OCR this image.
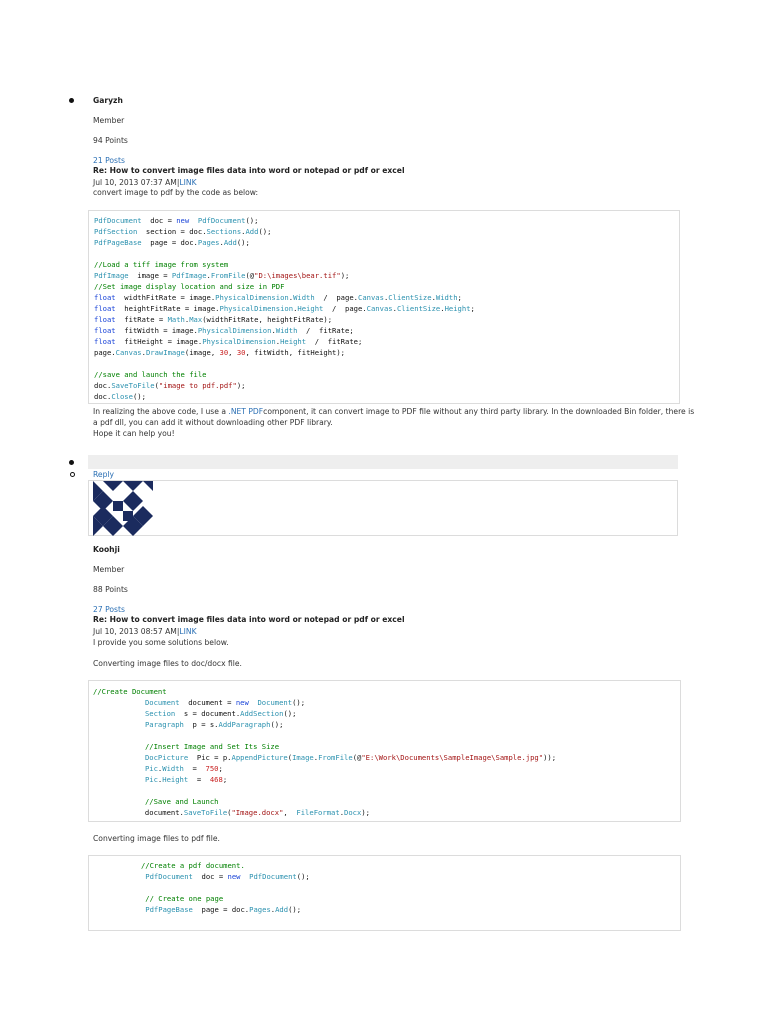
Garyzh
Member
94 Points
21 Posts
Re: How to convert image files data into word or notepad or pdf or excel
Jul 10, 2013 07:37 AM|LINK
convert image to pdf by the code as below:
PdfDocument  doc = new PdfDocument();
PdfSection  section = doc.Sections.Add();
PdfPageBase  page = doc.Pages.Add();
//Load a tiff image from system
PdfImage  image = PdfImage.FromFile(@"D:\images\bear.tif");
//Set image display location and size in PDF
float  widthFitRate = image.PhysicalDimension.Width  /  page.Canvas.ClientSize.Width;
float  heightFitRate = image.PhysicalDimension.Height  /  page.Canvas.ClientSize.Height;
float  fitRate = Math.Max(widthFitRate, heightFitRate);
float  fitWidth = image.PhysicalDimension.Width  /  fitRate;
float  fitHeight = image.PhysicalDimension.Height  /  fitRate;
page.Canvas.DrawImage(image, 30, 30, fitWidth, fitHeight);
//save and launch the file
doc.SaveToFile("image to pdf.pdf");
doc.Close();
In realizing the above code, I use a .NET PDFcomponent, it can convert image to PDF file without any third party library. In the downloaded Bin folder, there is
a pdf dll, you can add it without downloading other PDF library.
Hope it can help you!
Reply
Koohji
Member
88 Points
27 Posts
Re: How to convert image files data into word or notepad or pdf or excel
Jul 10, 2013 08:57 AM|LINK
I provide you some solutions below.
Converting image files to doc/docx file.
//Create Document
Document  document = new Document();
Section  s = document.AddSection();
Paragraph  p = s.AddParagraph();
//Insert Image and Set Its Size
DocPicture  Pic = p.AppendPicture(Image.FromFile(@"E:\Work\Documents\SampleImage\Sample.jpg"));
Pic.Width  =  750;
Pic.Height  =  468;
//Save and Launch
document.SaveToFile("Image.docx",  FileFormat.Docx);
Converting image files to pdf file.
//Create a pdf document.
PdfDocument  doc = new PdfDocument();
// Create one page
PdfPageBase  page = doc.Pages.Add();
